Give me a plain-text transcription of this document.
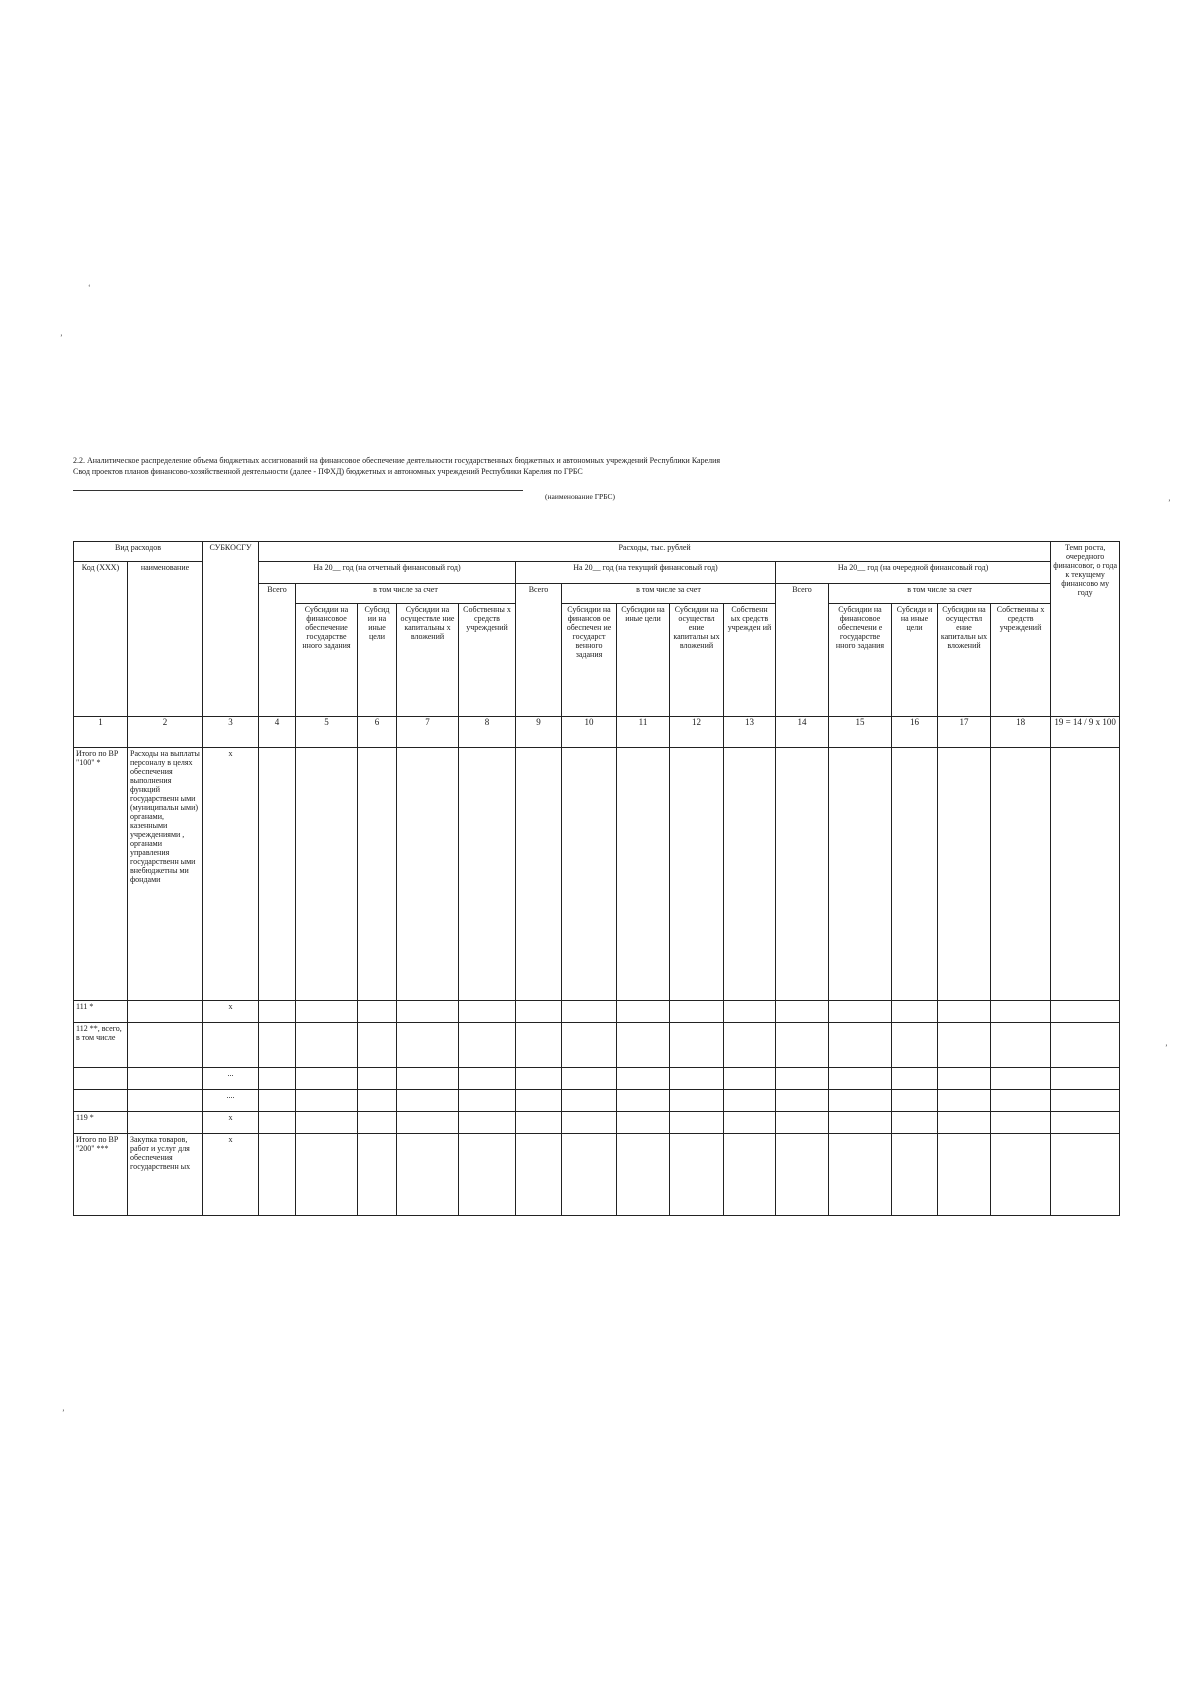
2.2. Аналитическое распределение объема бюджетных ассигнований на финансовое обеспечение деятельности государственных бюджетных и автономных учреждений Республики Карелия
Свод проектов планов финансово-хозяйственной деятельности (далее - ПФХД) бюджетных и автономных учреждений Республики Карелия по ГРБС
(наименование ГРБС)
Вид расходов		СУБКОСГУ	Расходы, тыс. рублей															Темп роста, очередного финансовог, о года к текущему финансово му году
Код (ХХХ)	наименование		На 20__ год (на отчетный финансовый год)					На 20__ год (на текущий финансовый год)					На 20__ год (на очередной финансовый год)					
			Всего	в том числе за счет				Всего	в том числе за счет				Всего	в том числе за счет				
				Субсидии на финансовое обеспечение государстве нного задания	Субсид ии на иные цели	Субсидии на осуществле ние капитальны х вложений	Собственны х средств учреждений		Субсидии на финансов ое обеспечен ие государст венного задания	Субсидии на иные цели	Субсидии на осуществл ение капитальн ых вложений	Собственн ых средств учрежден ий		Субсидии на финансовое обеспечени е государстве нного задания	Субсиди и на иные цели	Субсидии на осуществл ение капитальн ых вложений	Собственны х средств учреждений	
1	2	3	4	5	6	7	8	9	10	11	12	13	14	15	16	17	18	19 = 14 / 9 х 100
Итого по ВР "100" *	Расходы на выплаты персоналу в целях обеспечения выполнения функций государственн ыми (муниципальн ыми) органами, казенными учреждениями , органами управления государственн ыми внебюджетны ми фондами	х																
111 *		х																
112 **, всего, в том числе																		
		...																
		....																
119 *		х																
Итого по ВР "200" ***	Закупка товаров, работ и услуг для обеспечения государственн ых	х																
‘
’
’
’
’
